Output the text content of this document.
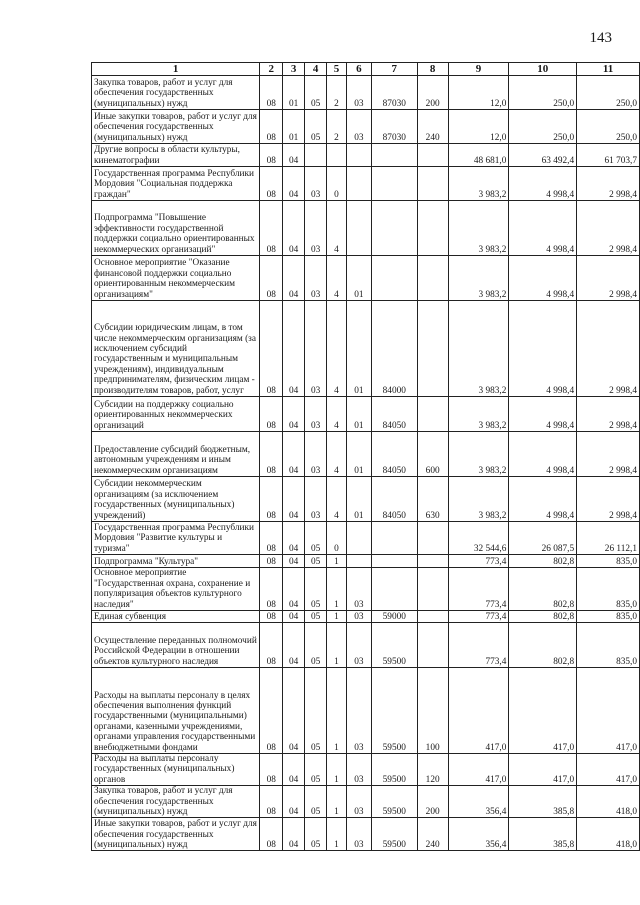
143
1	2	3	4	5	6	7	8	9	10	11
Закупка товаров, работ и услуг для обеспечения государственных (муниципальных) нужд	08	01	05	2	03	87030	200	12,0	250,0	250,0
Иные закупки товаров, работ и услуг для обеспечения государственных (муниципальных) нужд	08	01	05	2	03	87030	240	12,0	250,0	250,0
Другие вопросы в области культуры, кинематографии	08	04						48 681,0	63 492,4	61 703,7
Государственная программа Республики Мордовия "Социальная поддержка граждан"	08	04	03	0				3 983,2	4 998,4	2 998,4
Подпрограмма "Повышение эффективности государственной поддержки социально ориентированных некоммерческих организаций"	08	04	03	4				3 983,2	4 998,4	2 998,4
Основное мероприятие "Оказание финансовой поддержки социально ориентированным некоммерческим организациям"	08	04	03	4	01			3 983,2	4 998,4	2 998,4
Субсидии юридическим лицам, в том числе некоммерческим организациям (за исключением субсидий государственным и муниципальным учреждениям), индивидуальным предпринимателям, физическим лицам - производителям товаров, работ, услуг	08	04	03	4	01	84000		3 983,2	4 998,4	2 998,4
Субсидии на поддержку социально ориентированных некоммерческих организаций	08	04	03	4	01	84050		3 983,2	4 998,4	2 998,4
Предоставление субсидий бюджетным, автономным учреждениям и иным некоммерческим организациям	08	04	03	4	01	84050	600	3 983,2	4 998,4	2 998,4
Субсидии некоммерческим организациям (за исключением государственных (муниципальных) учреждений)	08	04	03	4	01	84050	630	3 983,2	4 998,4	2 998,4
Государственная программа Республики Мордовия "Развитие культуры и туризма"	08	04	05	0				32 544,6	26 087,5	26 112,1
Подпрограмма "Культура"	08	04	05	1				773,4	802,8	835,0
Основное мероприятие "Государственная охрана, сохранение и популяризация объектов культурного наследия"	08	04	05	1	03			773,4	802,8	835,0
Единая субвенция	08	04	05	1	03	59000		773,4	802,8	835,0
Осуществление переданных полномочий Российской Федерации в отношении объектов культурного наследия	08	04	05	1	03	59500		773,4	802,8	835,0
Расходы на выплаты персоналу в целях обеспечения выполнения функций государственными (муниципальными) органами, казенными учреждениями, органами управления государственными внебюджетными фондами	08	04	05	1	03	59500	100	417,0	417,0	417,0
Расходы на выплаты персоналу государственных (муниципальных) органов	08	04	05	1	03	59500	120	417,0	417,0	417,0
Закупка товаров, работ и услуг для обеспечения государственных (муниципальных) нужд	08	04	05	1	03	59500	200	356,4	385,8	418,0
Иные закупки товаров, работ и услуг для обеспечения государственных (муниципальных) нужд	08	04	05	1	03	59500	240	356,4	385,8	418,0
